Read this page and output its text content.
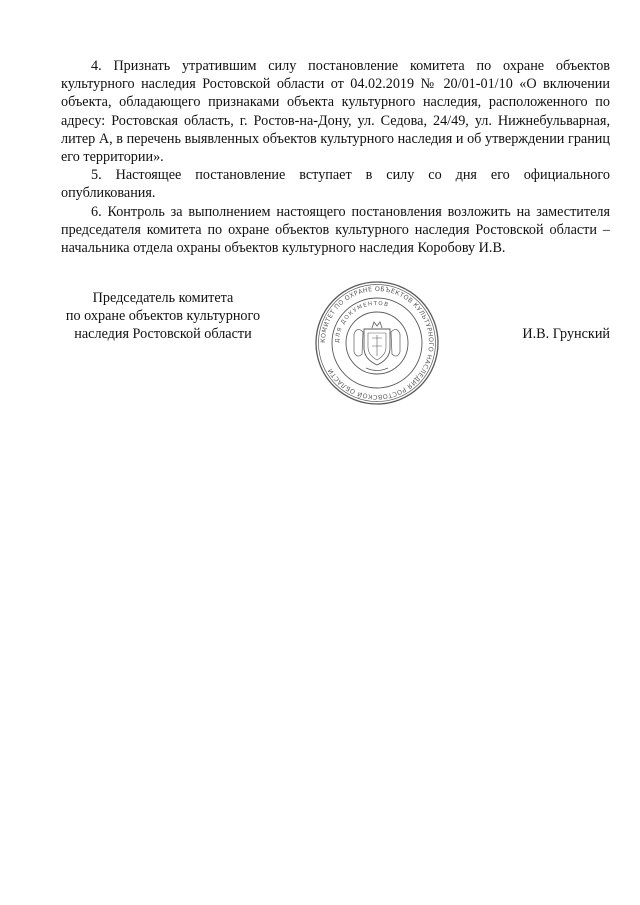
4. Признать утратившим силу постановление комитета по охране объектов культурного наследия Ростовской области от 04.02.2019 № 20/01-01/10 «О включении объекта, обладающего признаками объекта культурного наследия, расположенного по адресу: Ростовская область, г. Ростов-на-Дону, ул. Седова, 24/49, ул. Нижнебульварная, литер А, в перечень выявленных объектов культурного наследия и об утверждении границ его территории».

5. Настоящее постановление вступает в силу со дня его официального опубликования.

6. Контроль за выполнением настоящего постановления возложить на заместителя председателя комитета по охране объектов культурного наследия Ростовской области – начальника отдела охраны объектов культурного наследия Коробову И.В.

Председатель комитета
по охране объектов культурного
наследия Ростовской области	КОМИТЕТ ПО ОХРАНЕ ОБЪЕКТОВ КУЛЬТУРНОГО НАСЛЕДИЯ РОСТОВСКОЙ ОБЛАСТИ
ДЛЯ ДОКУМЕНТОВ
И.В. Грунский
